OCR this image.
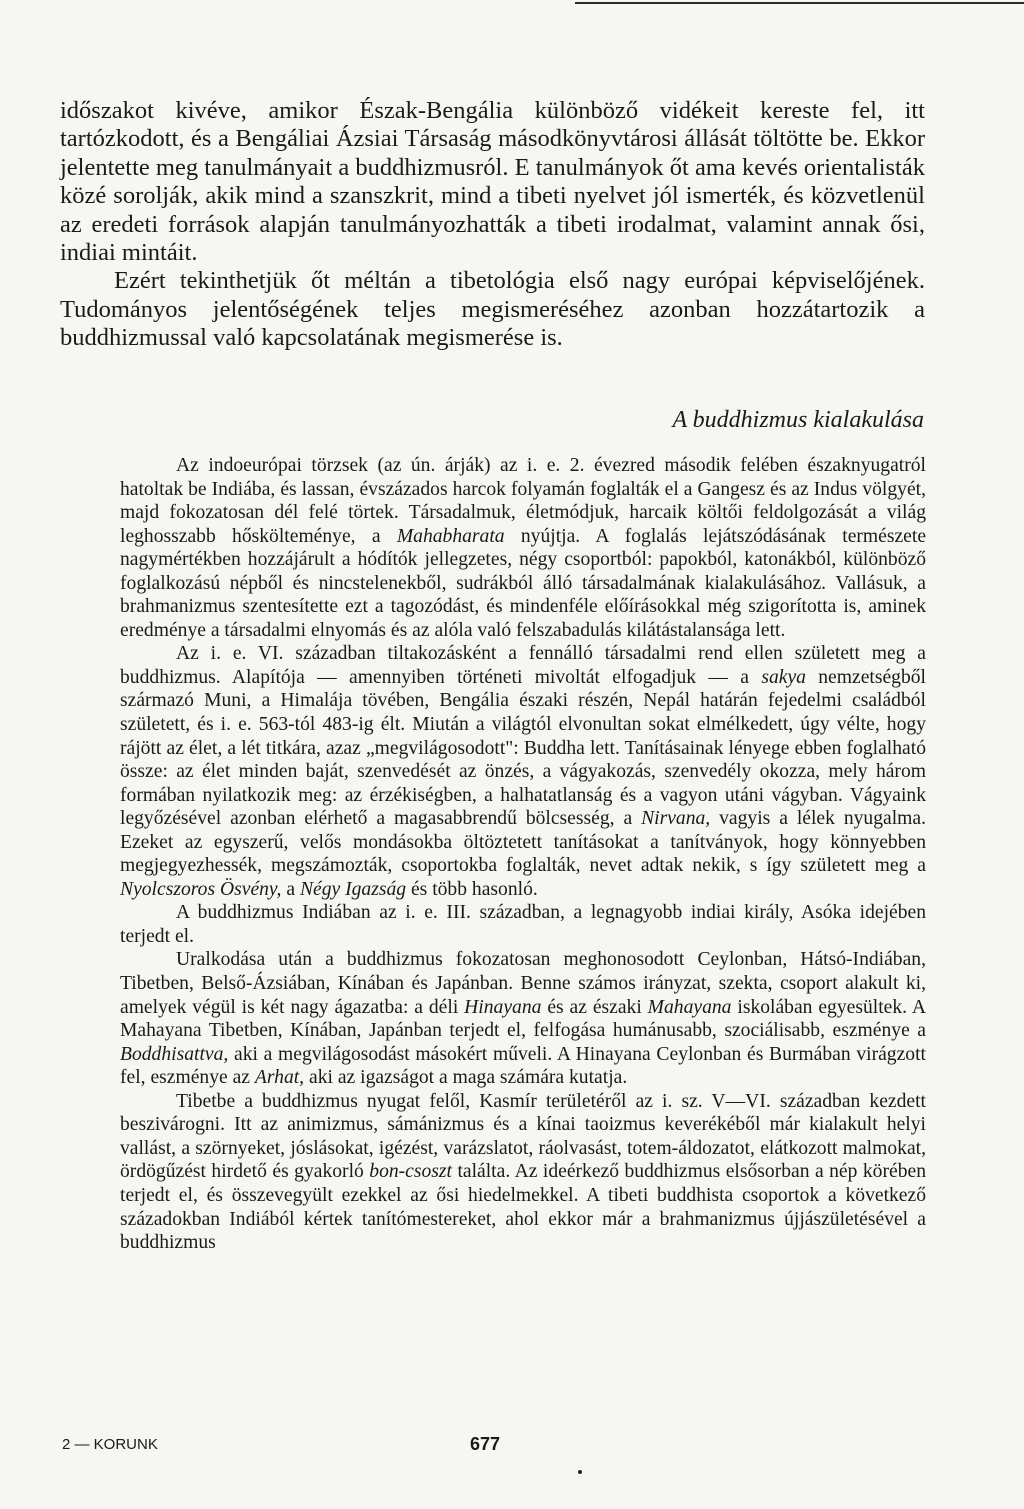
időszakot kivéve, amikor Észak-Bengália különböző vidékeit kereste fel, itt tartózkodott, és a Bengáliai Ázsiai Társaság másodkönyvtárosi állását töltötte be. Ekkor jelentette meg tanulmányait a buddhizmusról. E tanulmányok őt ama kevés orientalisták közé sorolják, akik mind a szanszkrit, mind a tibeti nyelvet jól ismerték, és közvetlenül az eredeti források alapján tanulmányozhatták a tibeti irodalmat, valamint annak ősi, indiai mintáit.

Ezért tekinthetjük őt méltán a tibetológia első nagy európai képviselőjének. Tudományos jelentőségének teljes megismeréséhez azonban hozzátartozik a buddhizmussal való kapcsolatának megismerése is.

A buddhizmus kialakulása

Az indoeurópai törzsek (az ún. árják) az i. e. 2. évezred második felében északnyugatról hatoltak be Indiába, és lassan, évszázados harcok folyamán foglalták el a Gangesz és az Indus völgyét, majd fokozatosan dél felé törtek. Társadalmuk, életmódjuk, harcaik költői feldolgozását a világ leghosszabb hőskölteménye, a Mahabharata nyújtja. A foglalás lejátszódásának természete nagymértékben hozzájárult a hódítók jellegzetes, négy csoportból: papokból, katonákból, különböző foglalkozású népből és nincstelenekből, sudrákból álló társadalmának kialakulásához. Vallásuk, a brahmanizmus szentesítette ezt a tagozódást, és mindenféle előírásokkal még szigorította is, aminek eredménye a társadalmi elnyomás és az alóla való felszabadulás kilátástalansága lett.

Az i. e. VI. században tiltakozásként a fennálló társadalmi rend ellen született meg a buddhizmus. Alapítója — amennyiben történeti mivoltát elfogadjuk — a sakya nemzetségből származó Muni, a Himalája tövében, Bengália északi részén, Nepál határán fejedelmi családból született, és i. e. 563-tól 483-ig élt. Miután a világtól elvonultan sokat elmélkedett, úgy vélte, hogy rájött az élet, a lét titkára, azaz „megvilágosodott": Buddha lett. Tanításainak lényege ebben foglalható össze: az élet minden baját, szenvedését az önzés, a vágyakozás, szenvedély okozza, mely három formában nyilatkozik meg: az érzékiségben, a halhatatlanság és a vagyon utáni vágyban. Vágyaink legyőzésével azonban elérhető a magasabbrendű bölcsesség, a Nirvana, vagyis a lélek nyugalma. Ezeket az egyszerű, velős mondásokba öltöztetett tanításokat a tanítványok, hogy könnyebben megjegyezhessék, megszámozták, csoportokba foglalták, nevet adtak nekik, s így született meg a Nyolcszoros Ösvény, a Négy Igazság és több hasonló.

A buddhizmus Indiában az i. e. III. században, a legnagyobb indiai király, Asóka idejében terjedt el.

Uralkodása után a buddhizmus fokozatosan meghonosodott Ceylonban, Hátsó-Indiában, Tibetben, Belső-Ázsiában, Kínában és Japánban. Benne számos irányzat, szekta, csoport alakult ki, amelyek végül is két nagy ágazatba: a déli Hinayana és az északi Mahayana iskolában egyesültek. A Mahayana Tibetben, Kínában, Japánban terjedt el, felfogása humánusabb, szociálisabb, eszménye a Boddhisattva, aki a megvilágosodást másokért műveli. A Hinayana Ceylonban és Burmában virágzott fel, eszménye az Arhat, aki az igazságot a maga számára kutatja.

Tibetbe a buddhizmus nyugat felől, Kasmír területéről az i. sz. V—VI. században kezdett beszivárogni. Itt az animizmus, sámánizmus és a kínai taoizmus keverékéből már kialakult helyi vallást, a szörnyeket, jóslásokat, igézést, varázslatot, ráolvasást, totem-áldozatot, elátkozott malmokat, ördögűzést hirdető és gyakorló bon-csoszt találta. Az ideérkező buddhizmus elsősorban a nép körében terjedt el, és összevegyült ezekkel az ősi hiedelmekkel. A tibeti buddhista csoportok a következő századokban Indiából kértek tanítómestereket, ahol ekkor már a brahmanizmus újjászületésével a buddhizmus

2 — KORUNK	677
